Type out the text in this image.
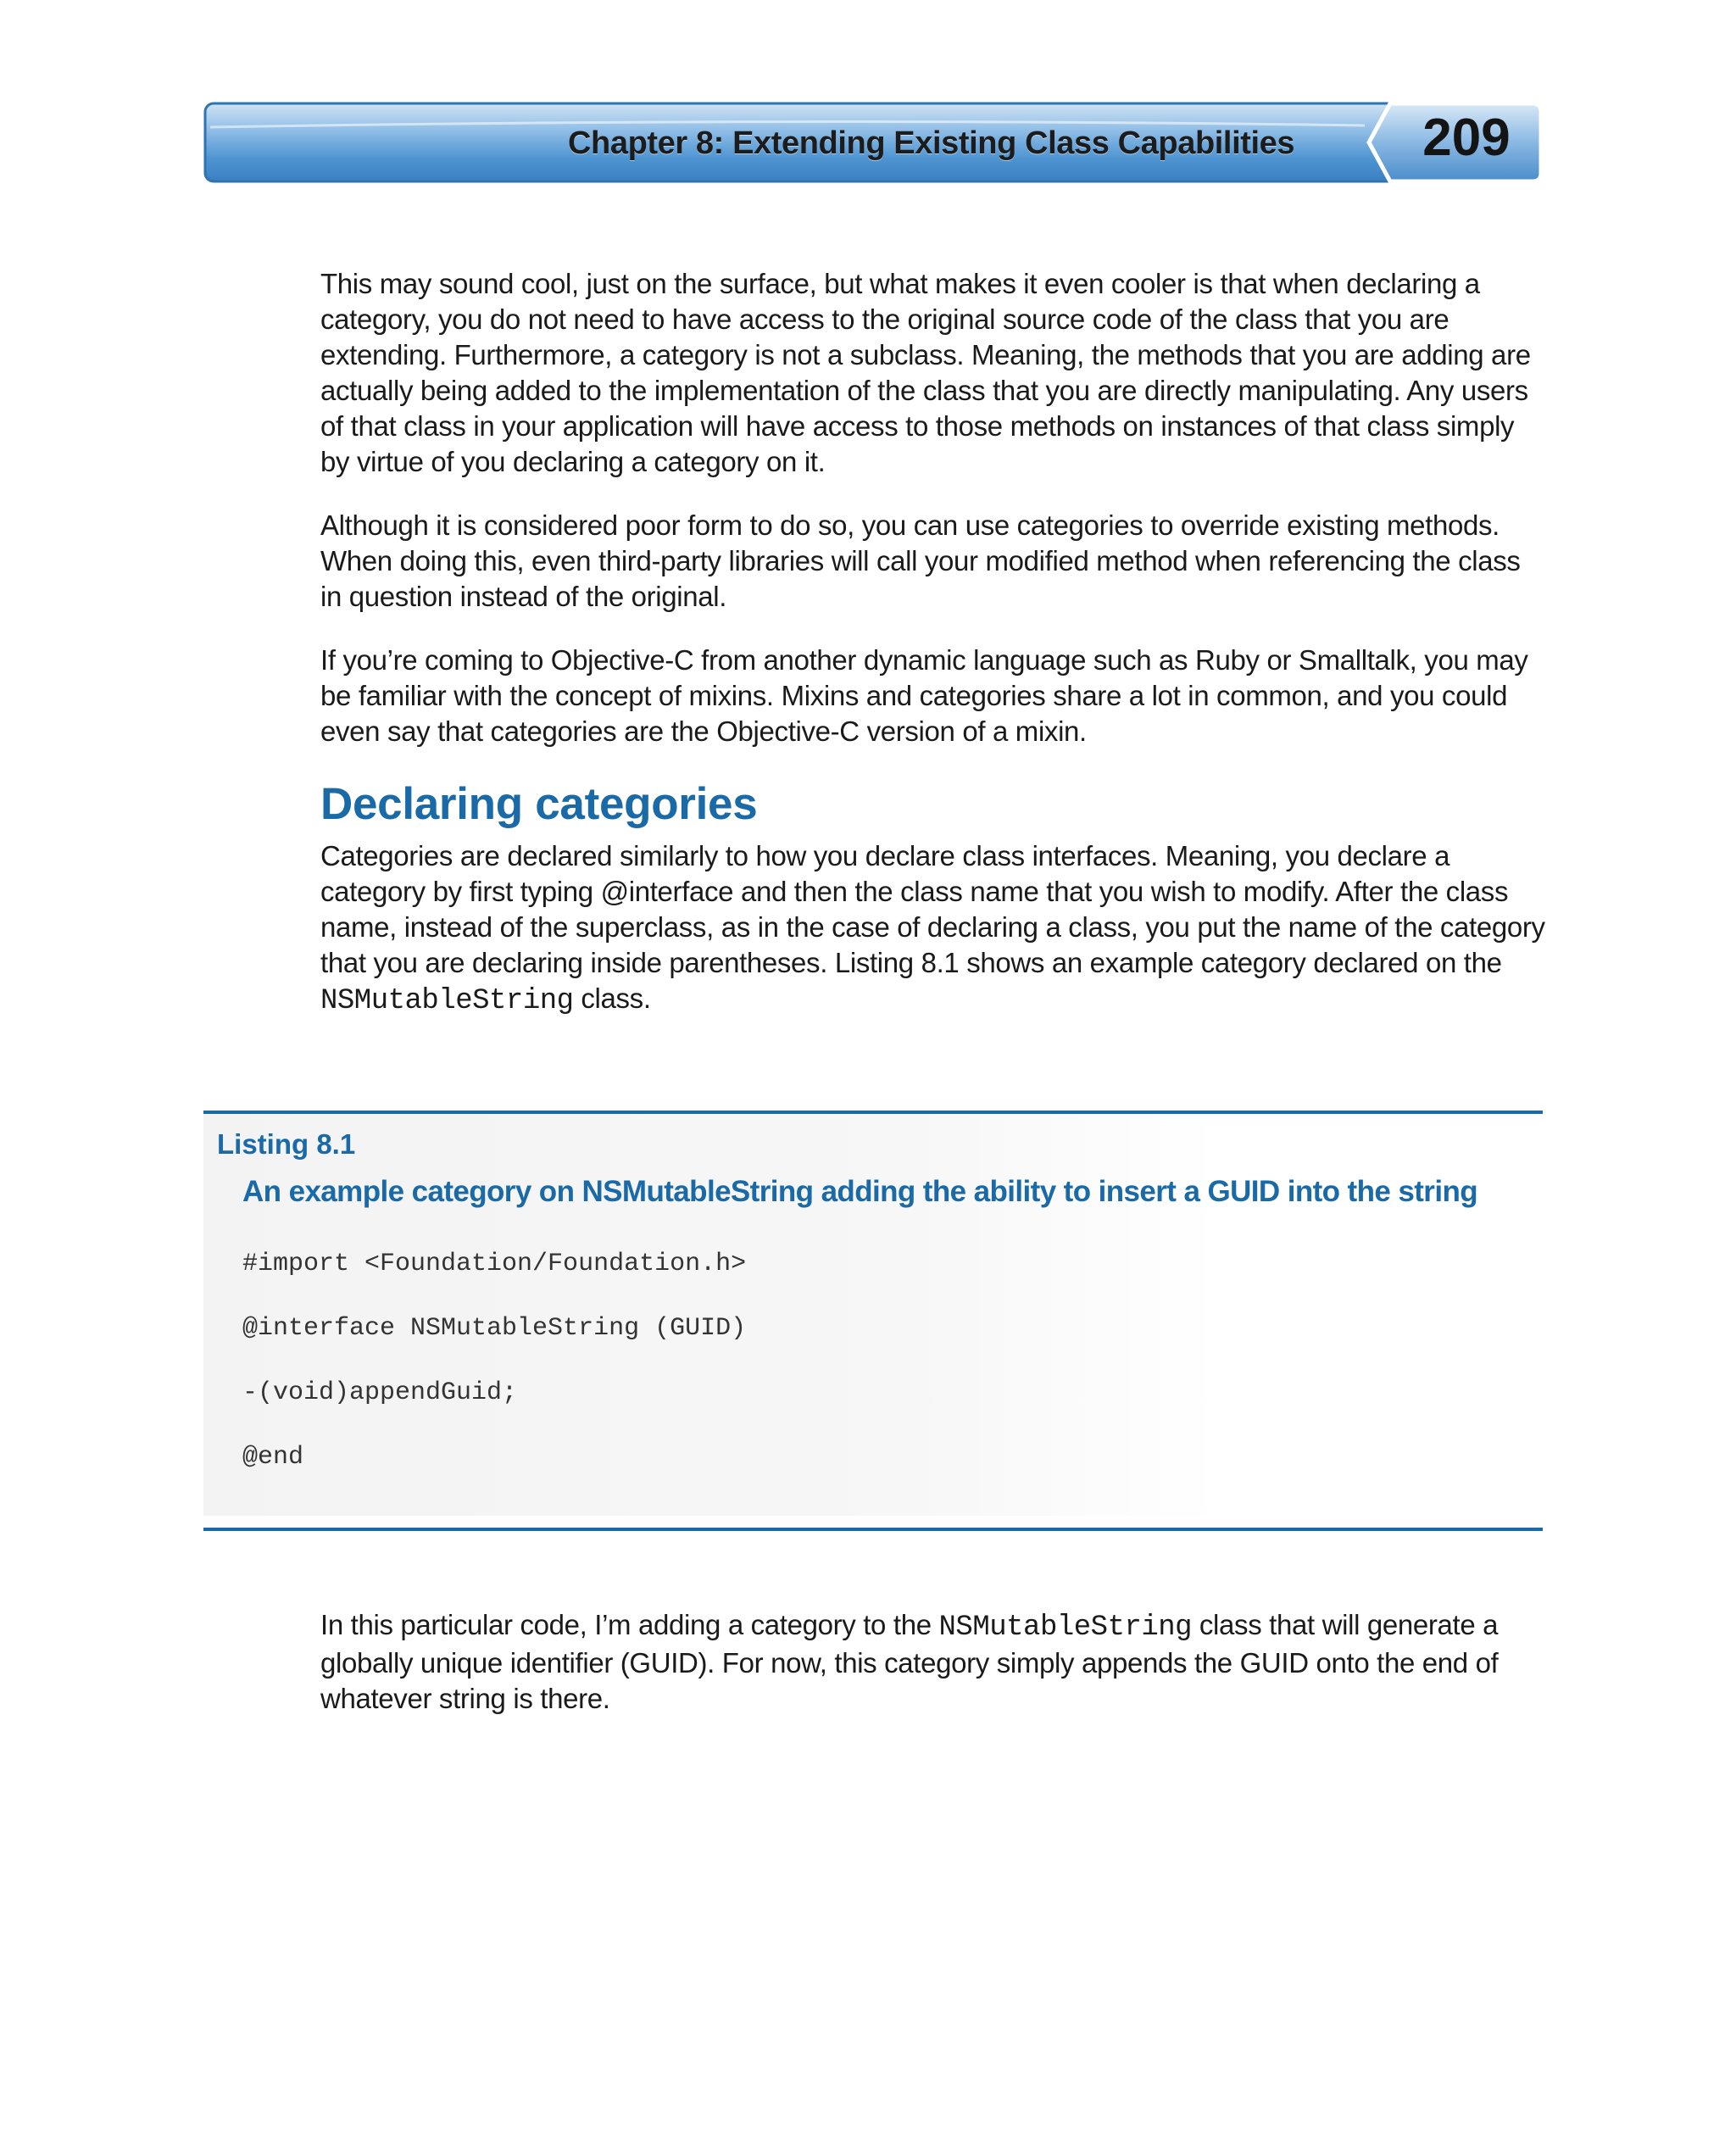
Chapter 8: Extending Existing Class Capabilities	209

This may sound cool, just on the surface, but what makes it even cooler is that when declaring a category, you do not need to have access to the original source code of the class that you are extending. Furthermore, a category is not a subclass. Meaning, the methods that you are adding are actually being added to the implementation of the class that you are directly manipulating. Any users of that class in your application will have access to those methods on instances of that class simply by virtue of you declaring a category on it.

Although it is considered poor form to do so, you can use categories to override existing methods. When doing this, even third-party libraries will call your modified method when referencing the class in question instead of the original.

If you’re coming to Objective-C from another dynamic language such as Ruby or Smalltalk, you may be familiar with the concept of mixins. Mixins and categories share a lot in common, and you could even say that categories are the Objective-C version of a mixin.

Declaring categories

Categories are declared similarly to how you declare class interfaces. Meaning, you declare a category by first typing @interface and then the class name that you wish to modify. After the class name, instead of the superclass, as in the case of declaring a class, you put the name of the category that you are declaring inside parentheses. Listing 8.1 shows an example category declared on the NSMutableString class.

Listing 8.1
An example category on NSMutableString adding the ability to insert a GUID into the string
#import <Foundation/Foundation.h>
@interface NSMutableString (GUID)
-(void)appendGuid;
@end

In this particular code, I’m adding a category to the NSMutableString class that will generate a globally unique identifier (GUID). For now, this category simply appends the GUID onto the end of whatever string is there.
